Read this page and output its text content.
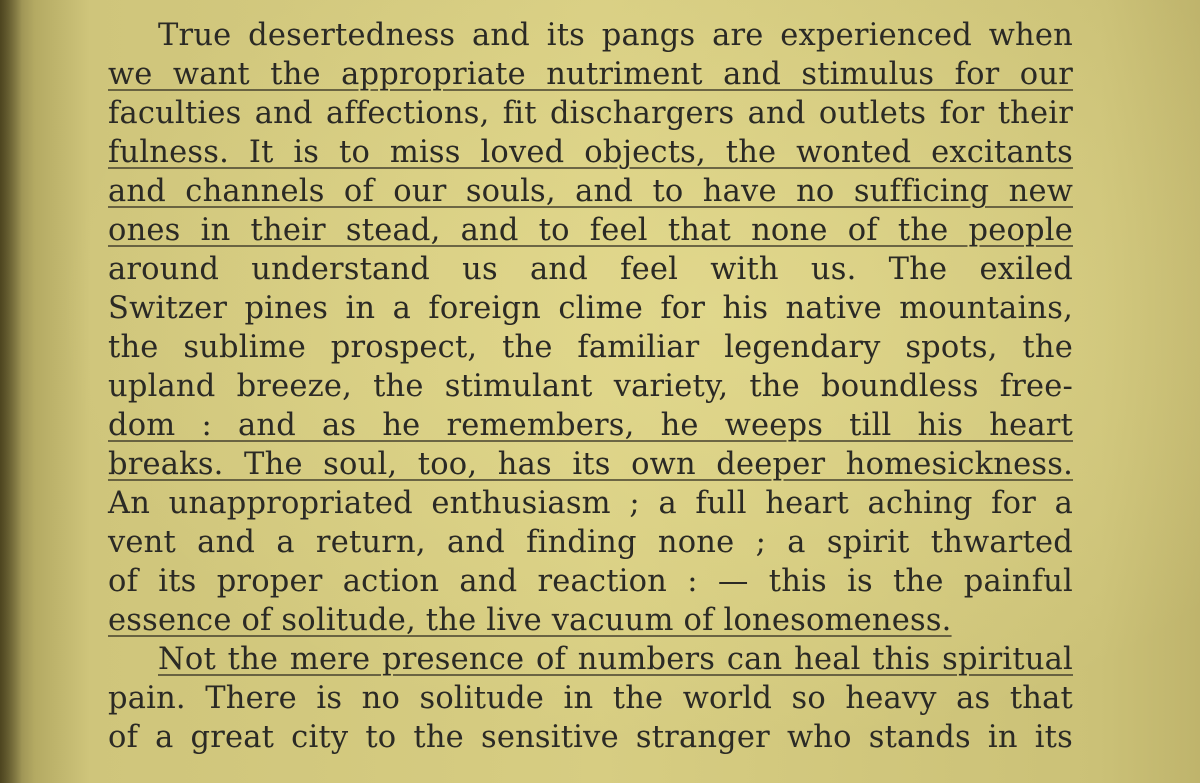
True desertedness and its pangs are experienced when
we want the appropriate nutriment and stimulus for our
faculties and affections, fit dischargers and outlets for their
fulness. It is to miss loved objects, the wonted excitants
and channels of our souls, and to have no sufficing new
ones in their stead, and to feel that none of the people
around understand us and feel with us. The exiled
Switzer pines in a foreign clime for his native mountains,
the sublime prospect, the familiar legendary spots, the
upland breeze, the stimulant variety, the boundless free-
dom : and as he remembers, he weeps till his heart
breaks. The soul, too, has its own deeper homesickness.
An unappropriated enthusiasm ; a full heart aching for a
vent and a return, and finding none ; a spirit thwarted
of its proper action and reaction : — this is the painful
essence of solitude, the live vacuum of lonesomeness.
Not the mere presence of numbers can heal this spiritual
pain. There is no solitude in the world so heavy as that
of a great city to the sensitive stranger who stands in its
